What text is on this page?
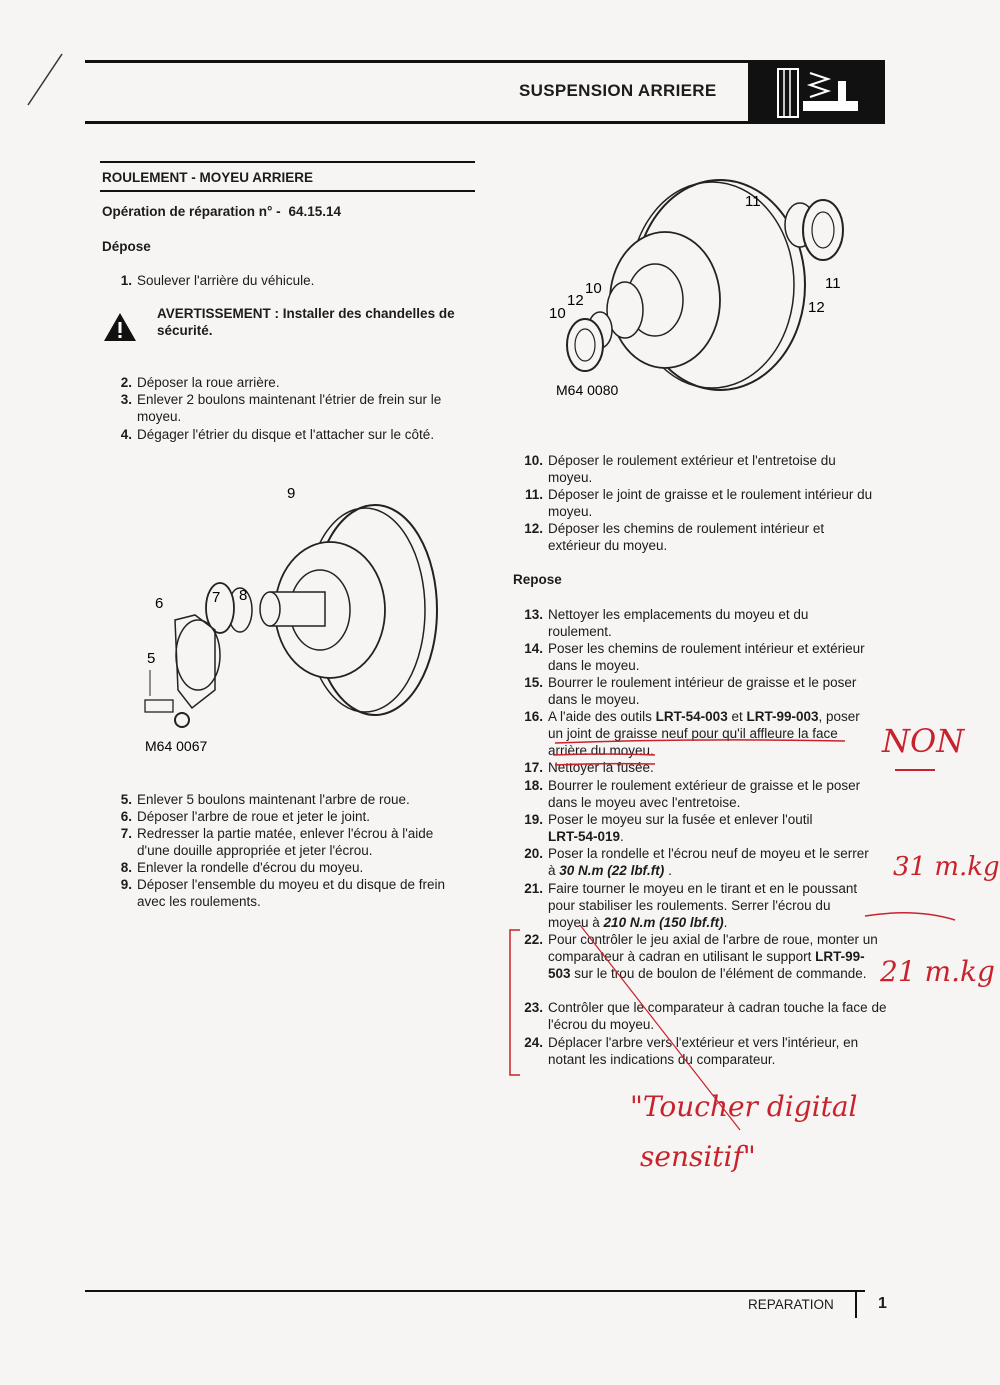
SUSPENSION ARRIERE
ROULEMENT - MOYEU ARRIERE
Opération de réparation n° - 64.15.14
Dépose
1. Soulever l'arrière du véhicule.
AVERTISSEMENT : Installer des chandelles de sécurité.
2. Déposer la roue arrière.
3. Enlever 2 boulons maintenant l'étrier de frein sur le moyeu.
4. Dégager l'étrier du disque et l'attacher sur le côté.
9
6	7 8
5
M64 0067
5. Enlever 5 boulons maintenant l'arbre de roue.
6. Déposer l'arbre de roue et jeter le joint.
7. Redresser la partie matée, enlever l'écrou à l'aide d'une douille appropriée et jeter l'écrou.
8. Enlever la rondelle d'écrou du moyeu.
9. Déposer l'ensemble du moyeu et du disque de frein avec les roulements.
11
11
12
10
12
10
M64 0080
10. Déposer le roulement extérieur et l'entretoise du moyeu.
11. Déposer le joint de graisse et le roulement intérieur du moyeu.
12. Déposer les chemins de roulement intérieur et extérieur du moyeu.
Repose
13. Nettoyer les emplacements du moyeu et du roulement.
14. Poser les chemins de roulement intérieur et extérieur dans le moyeu.
15. Bourrer le roulement intérieur de graisse et le poser dans le moyeu.
16. A l'aide des outils LRT-54-003 et LRT-99-003, poser
un joint de graisse neuf pour qu'il affleure la face
arrière du moyeu.
17. Nettoyer la fusée.
18. Bourrer le roulement extérieur de graisse et le poser dans le moyeu avec l'entretoise.
19. Poser le moyeu sur la fusée et enlever l'outil
LRT-54-019.
20. Poser la rondelle et l'écrou neuf de moyeu et le serrer
à 30 N.m (22 lbf.ft) .
21. Faire tourner le moyeu en le tirant et en le poussant
pour stabiliser les roulements. Serrer l'écrou du
moyeu à 210 N.m (150 lbf.ft).
22. Pour contrôler le jeu axial de l'arbre de roue, monter un comparateur à cadran en utilisant le support LRT-99-503 sur le trou de boulon de l'élément de commande.
23. Contrôler que le comparateur à cadran touche la face de l'écrou du moyeu.
24. Déplacer l'arbre vers l'extérieur et vers l'intérieur, en notant les indications du comparateur.
NON
31 m.kg
21 m.kg
"Toucher digital
sensitif"
REPARATION	1
